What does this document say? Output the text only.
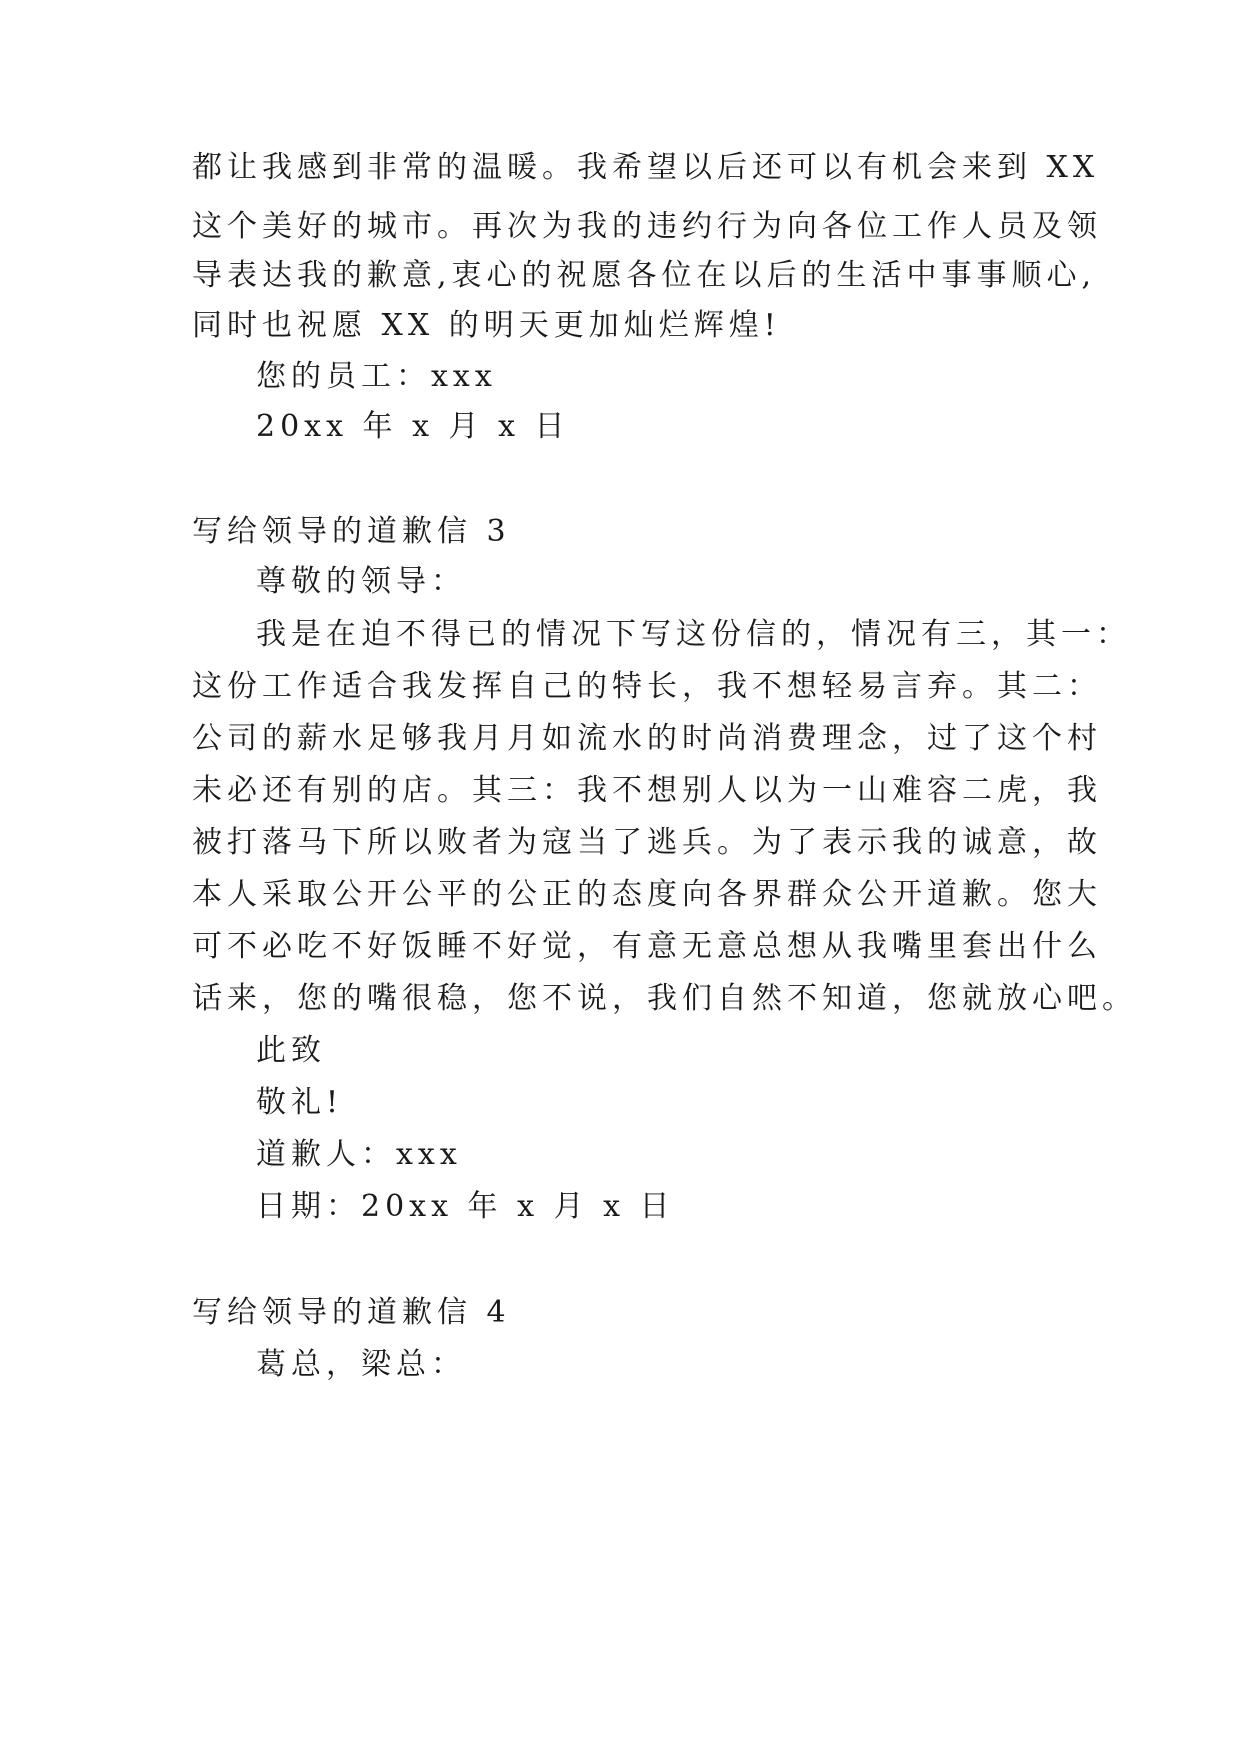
都让我感到非常的温暖。我希望以后还可以有机会来到 XX
这个美好的城市。再次为我的违约行为向各位工作人员及领
导表达我的歉意,衷心的祝愿各位在以后的生活中事事顺心,
同时也祝愿 XX 的明天更加灿烂辉煌!
您的员工：xxx
20xx 年 x 月 x 日
写给领导的道歉信 3
尊敬的领导：
我是在迫不得已的情况下写这份信的，情况有三，其一：
这份工作适合我发挥自己的特长，我不想轻易言弃。其二：
公司的薪水足够我月月如流水的时尚消费理念，过了这个村
未必还有别的店。其三：我不想别人以为一山难容二虎，我
被打落马下所以败者为寇当了逃兵。为了表示我的诚意，故
本人采取公开公平的公正的态度向各界群众公开道歉。您大
可不必吃不好饭睡不好觉，有意无意总想从我嘴里套出什么
话来，您的嘴很稳，您不说，我们自然不知道，您就放心吧。
此致
敬礼!
道歉人：xxx
日期：20xx 年 x 月 x 日
写给领导的道歉信 4
葛总，梁总：
